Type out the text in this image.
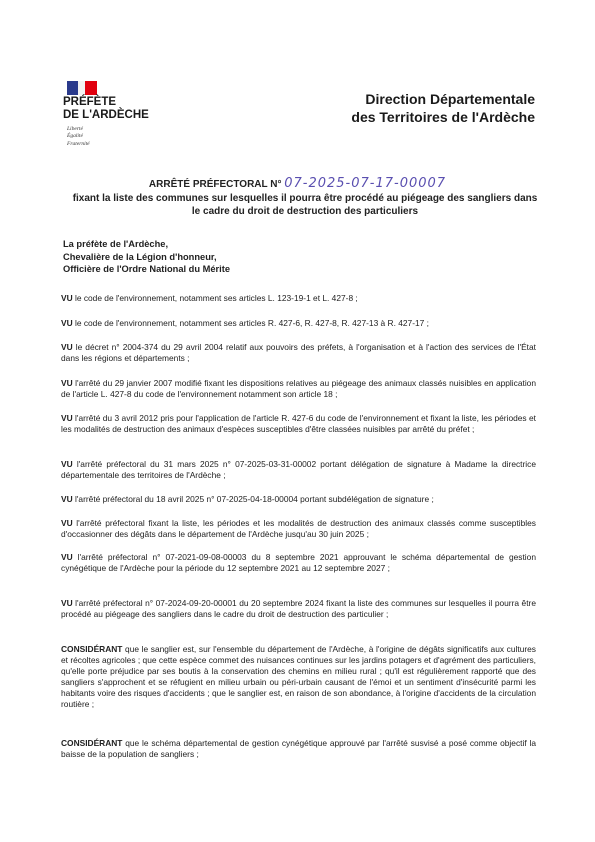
PRÉFÈTE
DE L'ARDÈCHE
Liberté
Égalité
Fraternité
Direction Départementale
des Territoires de l'Ardèche
ARRÊTÉ PRÉFECTORAL N° 07-2025-07-17-00007
fixant la liste des communes sur lesquelles il pourra être procédé au piégeage des sangliers dans le cadre du droit de destruction des particuliers
La préfète de l'Ardèche,
Chevalière de la Légion d'honneur,
Officière de l'Ordre National du Mérite
VU le code de l'environnement, notamment ses articles L. 123-19-1 et L. 427-8 ;
VU le code de l'environnement, notamment ses articles R. 427-6, R. 427-8, R. 427-13 à R. 427-17 ;
VU le décret n° 2004-374 du 29 avril 2004 relatif aux pouvoirs des préfets, à l'organisation et à l'action des services de l'État dans les régions et départements ;
VU l'arrêté du 29 janvier 2007 modifié fixant les dispositions relatives au piégeage des animaux classés nuisibles en application de l'article L. 427-8 du code de l'environnement notamment son article 18 ;
VU l'arrêté du 3 avril 2012 pris pour l'application de l'article R. 427-6 du code de l'environnement et fixant la liste, les périodes et les modalités de destruction des animaux d'espèces susceptibles d'être classées nuisibles par arrêté du préfet ;
VU l'arrêté préfectoral du 31 mars 2025 n° 07-2025-03-31-00002 portant délégation de signature à Madame la directrice départementale des territoires de l'Ardèche ;
VU l'arrêté préfectoral du 18 avril 2025 n° 07-2025-04-18-00004 portant subdélégation de signature ;
VU l'arrêté préfectoral fixant la liste, les périodes et les modalités de destruction des animaux classés comme susceptibles d'occasionner des dégâts dans le département de l'Ardèche jusqu'au 30 juin 2025 ;
VU l'arrêté préfectoral n° 07-2021-09-08-00003 du 8 septembre 2021 approuvant le schéma départemental de gestion cynégétique de l'Ardèche pour la période du 12 septembre 2021 au 12 septembre 2027 ;
VU l'arrêté préfectoral n° 07-2024-09-20-00001 du 20 septembre 2024 fixant la liste des communes sur lesquelles il pourra être procédé au piégeage des sangliers dans le cadre du droit de destruction des particulier ;
CONSIDÉRANT que le sanglier est, sur l'ensemble du département de l'Ardèche, à l'origine de dégâts significatifs aux cultures et récoltes agricoles ; que cette espèce commet des nuisances continues sur les jardins potagers et d'agrément des particuliers, qu'elle porte préjudice par ses boutis à la conservation des chemins en milieu rural ; qu'il est régulièrement rapporté que des sangliers s'approchent et se réfugient en milieu urbain ou péri-urbain causant de l'émoi et un sentiment d'insécurité parmi les habitants voire des risques d'accidents ; que le sanglier est, en raison de son abondance, à l'origine d'accidents de la circulation routière ;
CONSIDÉRANT que le schéma départemental de gestion cynégétique approuvé par l'arrêté susvisé a posé comme objectif la baisse de la population de sangliers ;
